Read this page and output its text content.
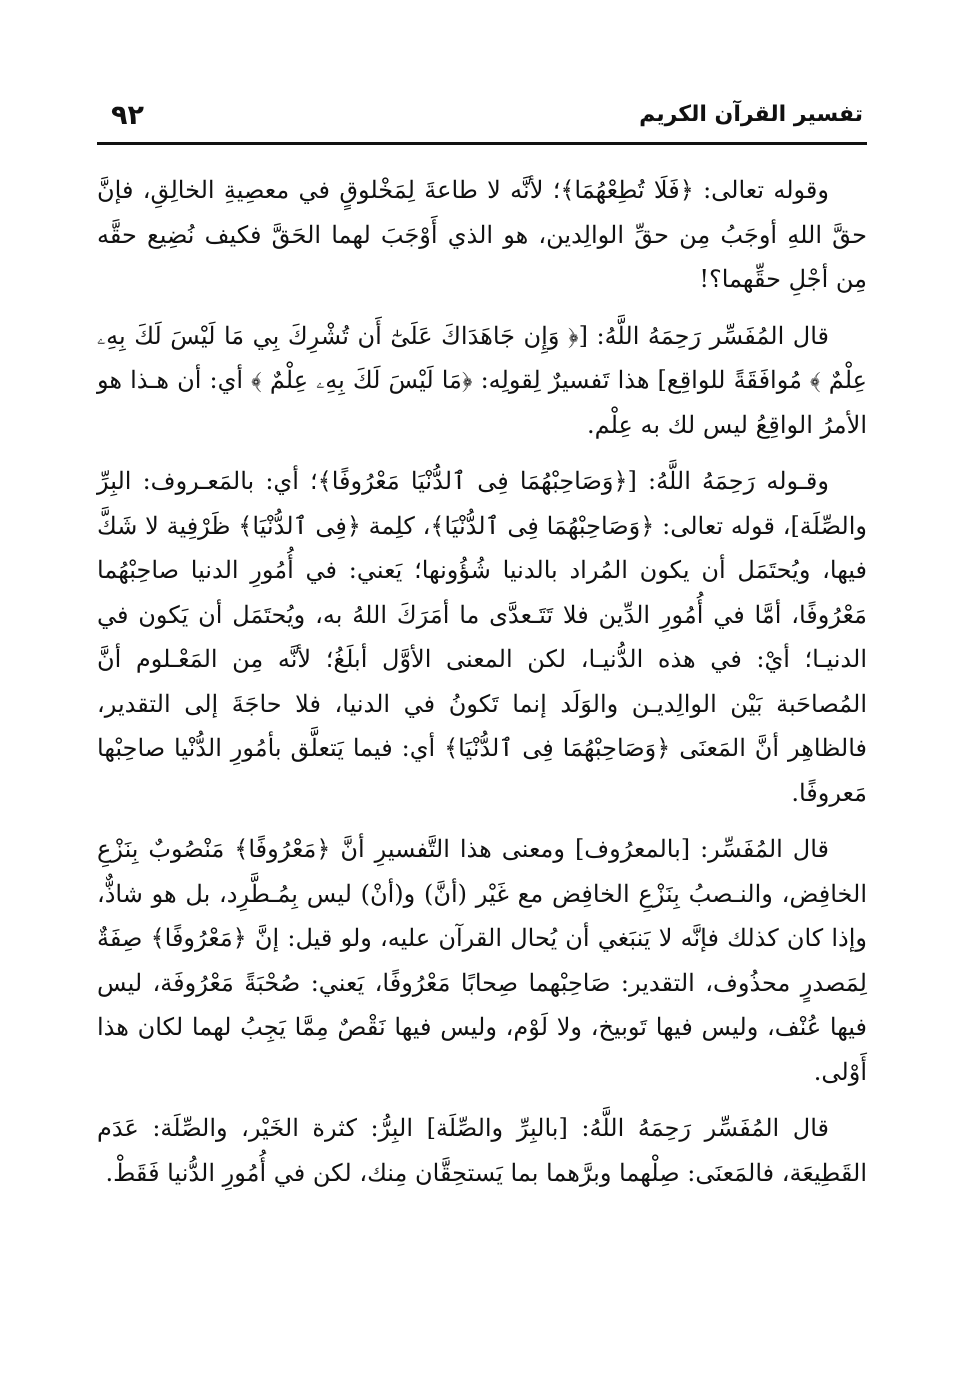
٩٢	تفسير القرآن الكريم

وقوله تعالى: ﴿فَلَا تُطِعْهُمَا﴾؛ لأنَّه لا طاعةَ لِمَخْلوقٍ في معصِيةِ الخالِقِ، فإنَّ حقَّ اللهِ أوجَبُ مِن حقِّ الوالِدين، هو الذي أَوْجَبَ لهما الحَقَّ فكيف نُضِيع حقَّه مِن أجْلِ حقِّهما؟!

قال المُفَسِّر رَحِمَهُ اللَّهُ: [﴿ وَإِن جَاهَدَاكَ عَلَىٰٓ أَن تُشْرِكَ بِي مَا لَيْسَ لَكَ بِهِۦ عِلْمٌ ﴾ مُوافَقَةً للواقِع] هذا تَفسيرٌ لِقولِه: ﴿مَا لَيْسَ لَكَ بِهِۦ عِلْمٌ ﴾ أي: أن هـذا هو الأمرُ الواقِعُ ليس لك به عِلْم.

وقـوله رَحِمَهُ اللَّهُ: [﴿وَصَاحِبْهُمَا فِى ٱلدُّنْيَا مَعْرُوفًا﴾؛ أي: بالمَعـروف: البِرِّ والصِّلَة]، قوله تعالى: ﴿وَصَاحِبْهُمَا فِى ٱلدُّنْيَا﴾، كلِمة ﴿فِى ٱلدُّنْيَا﴾ ظَرْفِية لا شَكَّ فيها، ويُحتَمَل أن يكون المُراد بالدنيا شُؤُونها؛ يَعني: في أُمُورِ الدنيا صاحِبْهُما مَعْرُوفًا، أمَّا في أُمُورِ الدِّين فلا تَتَـعدَّى ما أمَرَكَ اللهُ به، ويُحتَمَل أن يَكون في الدنيـا؛ أيْ: في هذه الدُّنيـا، لكن المعنى الأوَّل أبلَغُ؛ لأنَّه مِن المَعْـلوم أنَّ المُصاحَبة بَيْن الوالِديـن والوَلَد إنما تَكونُ في الدنيا، فلا حاجَةَ إلى التقدير، فالظاهِر أنَّ المَعنَى ﴿وَصَاحِبْهُمَا فِى ٱلدُّنْيَا﴾ أي: فيما يَتعلَّق بأمُورِ الدُّنْيا صاحِبْها مَعروفًا.

قال المُفَسِّر: [بالمعرُوف] ومعنى هذا التَّفسيرِ أنَّ ﴿مَعْرُوفًا﴾ مَنْصُوبٌ بِنَزْعِ الخافِض، والنـصبُ بِنَزْعِ الخافِض مع غَيْر (أنَّ) و(أنْ) ليس بِمُـطَّرِد، بل هو شاذٌّ، وإذا كان كذلك فإنَّه لا يَنبَغي أن يُحال القرآن عليه، ولو قيل: إنَّ ﴿مَعْرُوفًا﴾ صِفَةٌ لِمَصدرٍ محذُوف، التقدير: صَاحِبْهما صِحابًا مَعْرُوفًا، يَعني: صُحْبَةً مَعْرُوفَة، ليس فيها عُنْف، وليس فيها تَوبيخ، ولا لَوْم، وليس فيها نَقْصٌ مِمَّا يَجِبُ لهما لكان هذا أَوْلى.

قال المُفَسِّر رَحِمَهُ اللَّهُ: [بالبِرِّ والصِّلَة] البِرُّ: كثرة الخَيْر، والصِّلَة: عَدَم القَطِيعَة، فالمَعنَى: صِلْهما وبرَّهما بما يَستحِقَّان مِنك، لكن في أُمُورِ الدُّنيا فَقَطْ.
